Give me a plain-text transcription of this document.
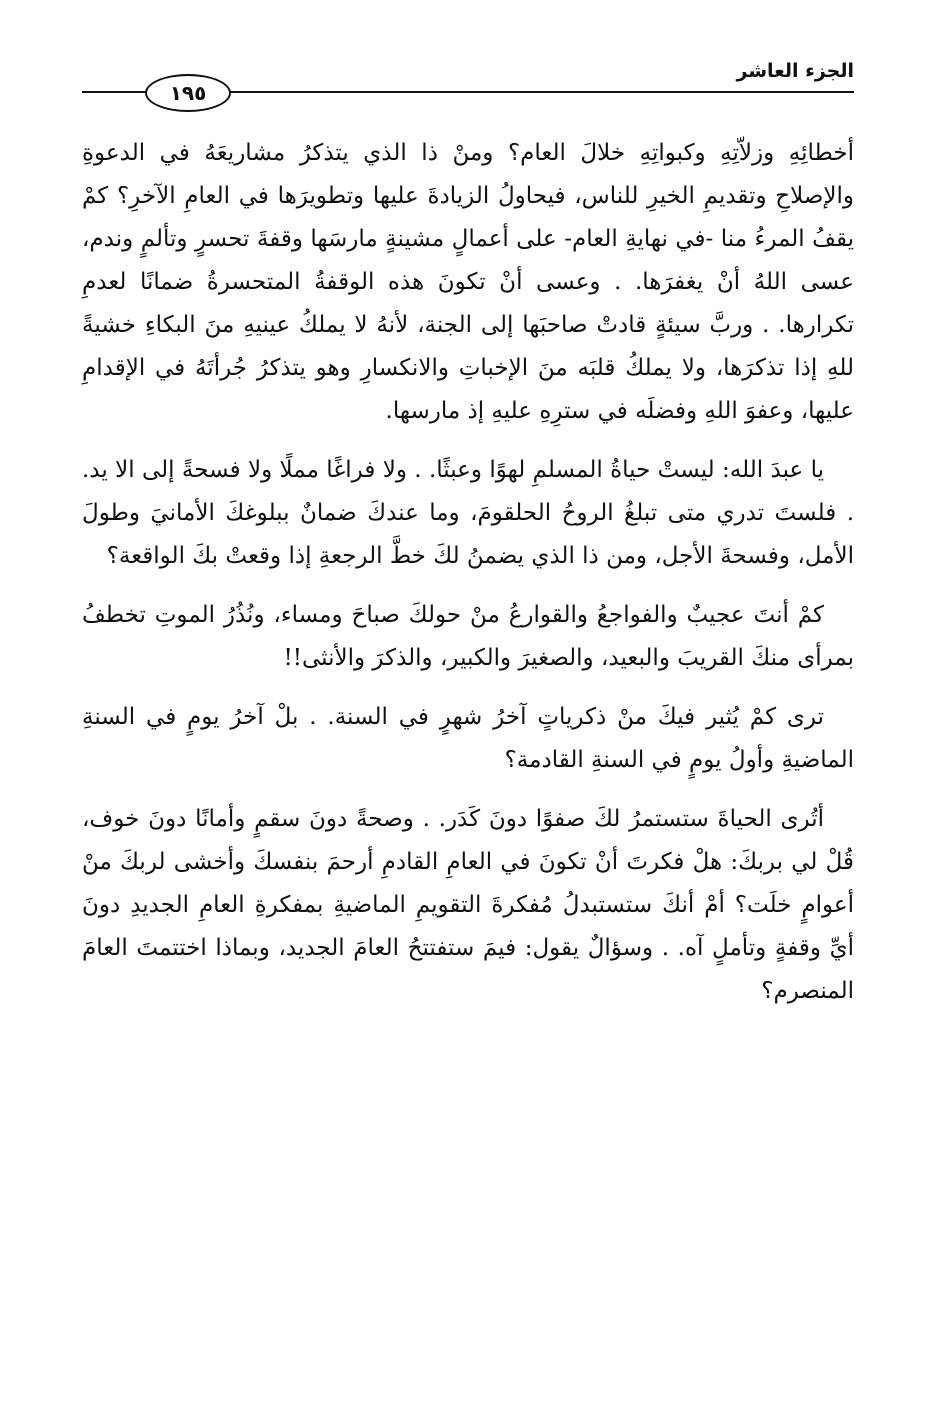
الجزء العاشر
١٩٥

أخطائِهِ وزلاّتِهِ وكبواتِهِ خلالَ العام؟ ومنْ ذا الذي يتذكرُ مشاريعَهُ في الدعوةِ والإصلاحِ وتقديمِ الخيرِ للناس، فيحاولُ الزيادةَ عليها وتطويرَها في العامِ الآخرِ؟ كمْ يقفُ المرءُ منا -في نهايةِ العام- على أعمالٍ مشينةٍ مارسَها وقفةَ تحسرٍ وتألمٍ وندم، عسى اللهُ أنْ يغفرَها. . وعسى أنْ تكونَ هذه الوقفةُ المتحسرةُ ضمانًا لعدمِ تكرارها. . وربَّ سيئةٍ قادتْ صاحبَها إلى الجنة، لأنهُ لا يملكُ عينيهِ منَ البكاءِ خشيةً للهِ إذا تذكرَها، ولا يملكُ قلبَه منَ الإخباتِ والانكسارِ وهو يتذكرُ جُرأتَهُ في الإقدامِ عليها، وعفوَ اللهِ وفضلَه في سترِهِ عليهِ إذ مارسها.

يا عبدَ الله: ليستْ حياةُ المسلمِ لهوًا وعبثًا. . ولا فراغًا مملًا ولا فسحةً إلى الا يد. . فلستَ تدري متى تبلغُ الروحُ الحلقومَ، وما عندكَ ضمانٌ ببلوغكَ الأمانيَ وطولَ الأمل، وفسحةَ الأجل، ومن ذا الذي يضمنُ لكَ خطَّ الرجعةِ إذا وقعتْ بكَ الواقعة؟

كمْ أنتَ عجيبٌ والفواجعُ والقوارعُ منْ حولكَ صباحَ ومساء، ونُذُرُ الموتِ تخطفُ بمرأى منكَ القريبَ والبعيد، والصغيرَ والكبير، والذكرَ والأنثى!!

ترى كمْ يُثير فيكَ منْ ذكرياتٍ آخرُ شهرٍ في السنة. . بلْ آخرُ يومٍ في السنةِ الماضيةِ وأولُ يومٍ في السنةِ القادمة؟

أتُرى الحياةَ ستستمرُ لكَ صفوًا دونَ كَدَر. . وصحةً دونَ سقمٍ وأمانًا دونَ خوف، قُلْ لي بربكَ: هلْ فكرتَ أنْ تكونَ في العامِ القادمِ أرحمَ بنفسكَ وأخشى لربكَ منْ أعوامٍ خلَت؟ أمْ أنكَ ستستبدلُ مُفكرةَ التقويمِ الماضيةِ بمفكرةِ العامِ الجديدِ دونَ أيِّ وقفةٍ وتأملٍ آه. . وسؤالٌ يقول: فيمَ ستفتتحُ العامَ الجديد، وبماذا اختتمتَ العامَ المنصرم؟
